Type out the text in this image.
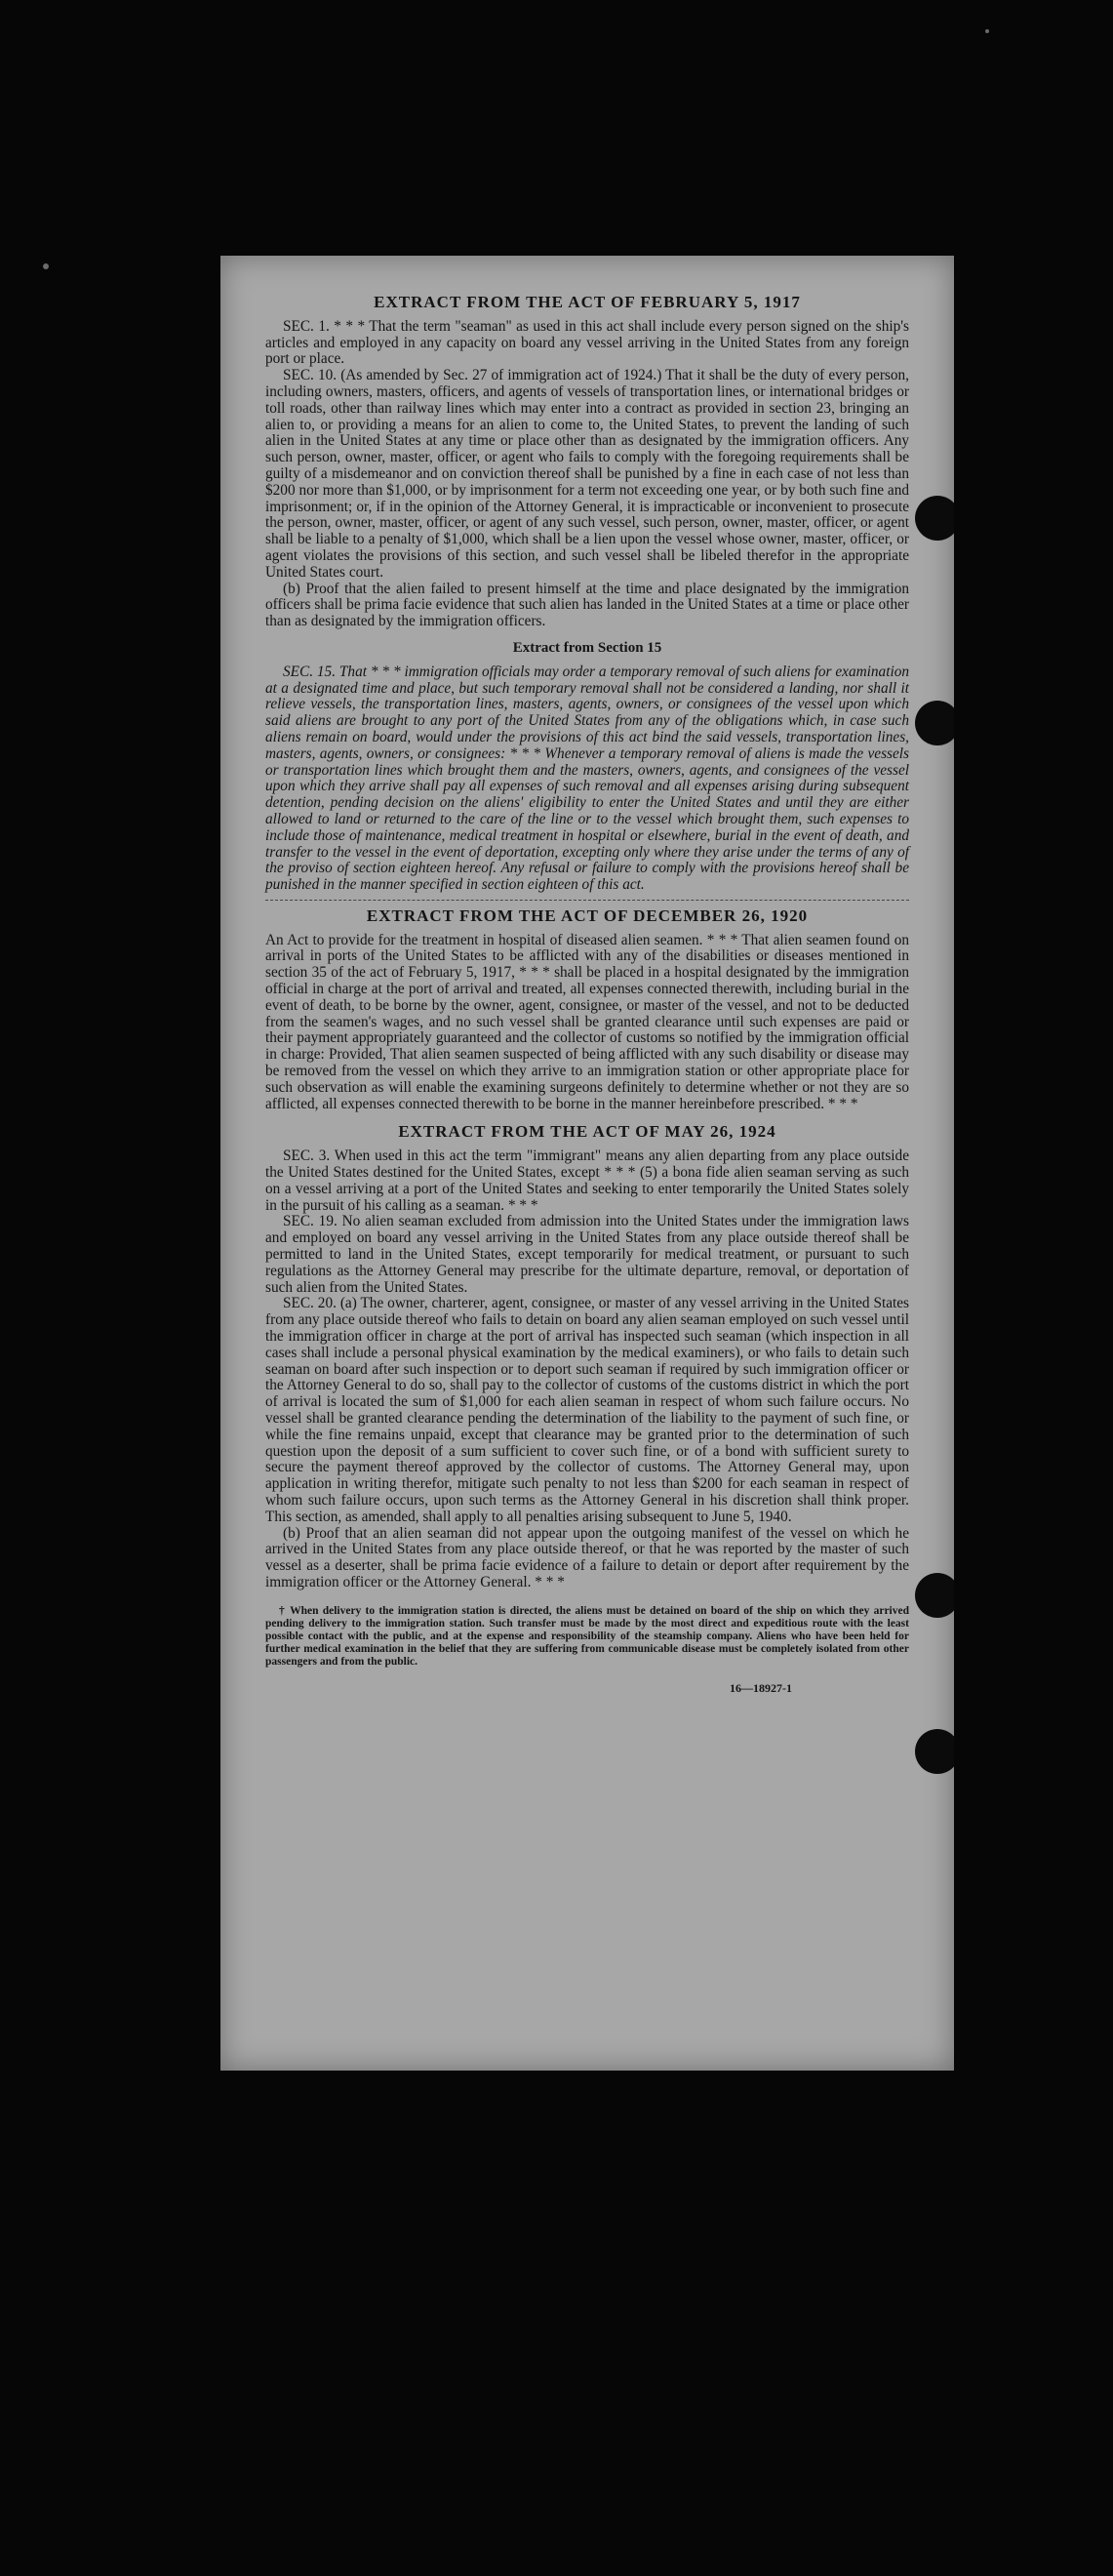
EXTRACT FROM THE ACT OF FEBRUARY 5, 1917

SEC. 1. * * * That the term "seaman" as used in this act shall include every person signed on the ship's articles and employed in any capacity on board any vessel arriving in the United States from any foreign port or place.

SEC. 10. (As amended by Sec. 27 of immigration act of 1924.) That it shall be the duty of every person, including owners, masters, officers, and agents of vessels of transportation lines, or international bridges or toll roads, other than railway lines which may enter into a contract as provided in section 23, bringing an alien to, or providing a means for an alien to come to, the United States, to prevent the landing of such alien in the United States at any time or place other than as designated by the immigration officers. Any such person, owner, master, officer, or agent who fails to comply with the foregoing requirements shall be guilty of a misdemeanor and on conviction thereof shall be punished by a fine in each case of not less than $200 nor more than $1,000, or by imprisonment for a term not exceeding one year, or by both such fine and imprisonment; or, if in the opinion of the Attorney General, it is impracticable or inconvenient to prosecute the person, owner, master, officer, or agent of any such vessel, such person, owner, master, officer, or agent shall be liable to a penalty of $1,000, which shall be a lien upon the vessel whose owner, master, officer, or agent violates the provisions of this section, and such vessel shall be libeled therefor in the appropriate United States court.

(b) Proof that the alien failed to present himself at the time and place designated by the immigration officers shall be prima facie evidence that such alien has landed in the United States at a time or place other than as designated by the immigration officers.

Extract from Section 15

SEC. 15. That * * * immigration officials may order a temporary removal of such aliens for examination at a designated time and place, but such temporary removal shall not be considered a landing, nor shall it relieve vessels, the transportation lines, masters, agents, owners, or consignees of the vessel upon which said aliens are brought to any port of the United States from any of the obligations which, in case such aliens remain on board, would under the provisions of this act bind the said vessels, transportation lines, masters, agents, owners, or consignees: * * * Whenever a temporary removal of aliens is made the vessels or transportation lines which brought them and the masters, owners, agents, and consignees of the vessel upon which they arrive shall pay all expenses of such removal and all expenses arising during subsequent detention, pending decision on the aliens' eligibility to enter the United States and until they are either allowed to land or returned to the care of the line or to the vessel which brought them, such expenses to include those of maintenance, medical treatment in hospital or elsewhere, burial in the event of death, and transfer to the vessel in the event of deportation, excepting only where they arise under the terms of any of the proviso of section eighteen hereof. Any refusal or failure to comply with the provisions hereof shall be punished in the manner specified in section eighteen of this act.

EXTRACT FROM THE ACT OF DECEMBER 26, 1920

An Act to provide for the treatment in hospital of diseased alien seamen. * * * That alien seamen found on arrival in ports of the United States to be afflicted with any of the disabilities or diseases mentioned in section 35 of the act of February 5, 1917, * * * shall be placed in a hospital designated by the immigration official in charge at the port of arrival and treated, all expenses connected therewith, including burial in the event of death, to be borne by the owner, agent, consignee, or master of the vessel, and not to be deducted from the seamen's wages, and no such vessel shall be granted clearance until such expenses are paid or their payment appropriately guaranteed and the collector of customs so notified by the immigration official in charge: Provided, That alien seamen suspected of being afflicted with any such disability or disease may be removed from the vessel on which they arrive to an immigration station or other appropriate place for such observation as will enable the examining surgeons definitely to determine whether or not they are so afflicted, all expenses connected therewith to be borne in the manner hereinbefore prescribed. * * *

EXTRACT FROM THE ACT OF MAY 26, 1924

SEC. 3. When used in this act the term "immigrant" means any alien departing from any place outside the United States destined for the United States, except * * * (5) a bona fide alien seaman serving as such on a vessel arriving at a port of the United States and seeking to enter temporarily the United States solely in the pursuit of his calling as a seaman. * * *

SEC. 19. No alien seaman excluded from admission into the United States under the immigration laws and employed on board any vessel arriving in the United States from any place outside thereof shall be permitted to land in the United States, except temporarily for medical treatment, or pursuant to such regulations as the Attorney General may prescribe for the ultimate departure, removal, or deportation of such alien from the United States.

SEC. 20. (a) The owner, charterer, agent, consignee, or master of any vessel arriving in the United States from any place outside thereof who fails to detain on board any alien seaman employed on such vessel until the immigration officer in charge at the port of arrival has inspected such seaman (which inspection in all cases shall include a personal physical examination by the medical examiners), or who fails to detain such seaman on board after such inspection or to deport such seaman if required by such immigration officer or the Attorney General to do so, shall pay to the collector of customs of the customs district in which the port of arrival is located the sum of $1,000 for each alien seaman in respect of whom such failure occurs. No vessel shall be granted clearance pending the determination of the liability to the payment of such fine, or while the fine remains unpaid, except that clearance may be granted prior to the determination of such question upon the deposit of a sum sufficient to cover such fine, or of a bond with sufficient surety to secure the payment thereof approved by the collector of customs. The Attorney General may, upon application in writing therefor, mitigate such penalty to not less than $200 for each seaman in respect of whom such failure occurs, upon such terms as the Attorney General in his discretion shall think proper. This section, as amended, shall apply to all penalties arising subsequent to June 5, 1940.

(b) Proof that an alien seaman did not appear upon the outgoing manifest of the vessel on which he arrived in the United States from any place outside thereof, or that he was reported by the master of such vessel as a deserter, shall be prima facie evidence of a failure to detain or deport after requirement by the immigration officer or the Attorney General. * * *

† When delivery to the immigration station is directed, the aliens must be detained on board of the ship on which they arrived pending delivery to the immigration station. Such transfer must be made by the most direct and expeditious route with the least possible contact with the public, and at the expense and responsibility of the steamship company. Aliens who have been held for further medical examination in the belief that they are suffering from communicable disease must be completely isolated from other passengers and from the public.

16—18927-1
